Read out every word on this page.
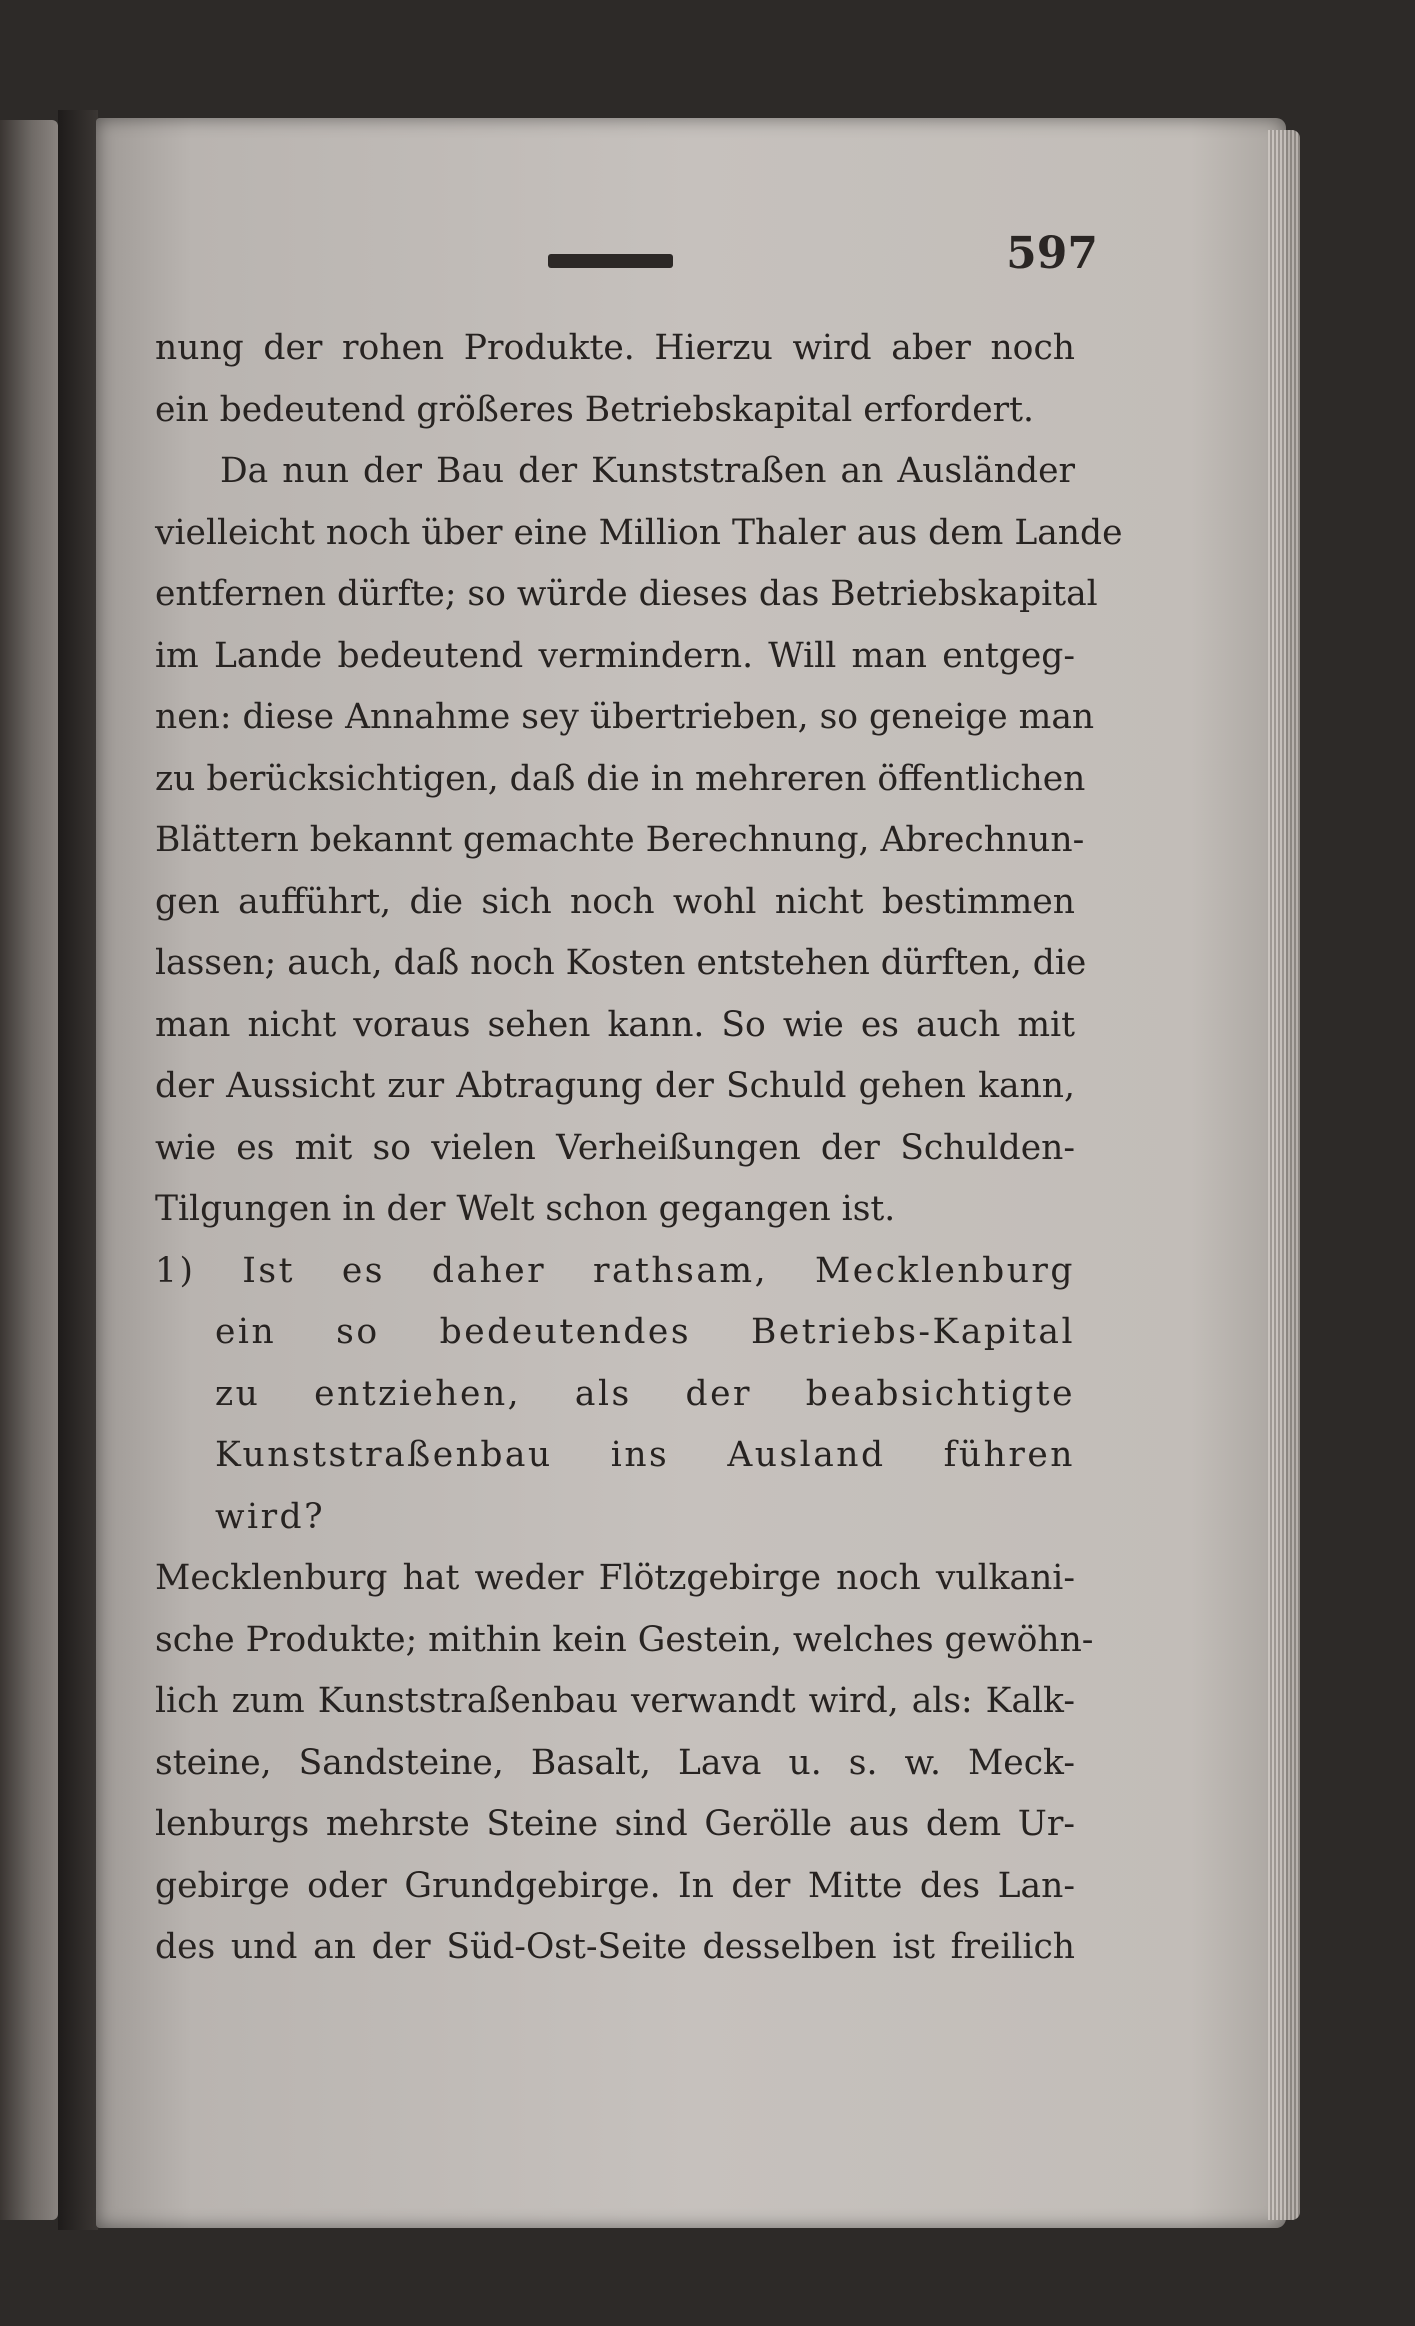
597
nung der rohen Produkte. Hierzu wird aber noch
ein bedeutend größeres Betriebskapital erfordert.
Da nun der Bau der Kunststraßen an Ausländer
vielleicht noch über eine Million Thaler aus dem Lande
entfernen dürfte; so würde dieses das Betriebskapital
im Lande bedeutend vermindern. Will man entgeg-
nen: diese Annahme sey übertrieben, so geneige man
zu berücksichtigen, daß die in mehreren öffentlichen
Blättern bekannt gemachte Berechnung, Abrechnun-
gen aufführt, die sich noch wohl nicht bestimmen
lassen; auch, daß noch Kosten entstehen dürften, die
man nicht voraus sehen kann. So wie es auch mit
der Aussicht zur Abtragung der Schuld gehen kann,
wie es mit so vielen Verheißungen der Schulden-
Tilgungen in der Welt schon gegangen ist.
1) Ist es daher rathsam, Mecklenburg
ein so bedeutendes Betriebs-Kapital
zu entziehen, als der beabsichtigte
Kunststraßenbau ins Ausland führen
wird?
Mecklenburg hat weder Flötzgebirge noch vulkani-
sche Produkte; mithin kein Gestein, welches gewöhn-
lich zum Kunststraßenbau verwandt wird, als: Kalk-
steine, Sandsteine, Basalt, Lava u. s. w. Meck-
lenburgs mehrste Steine sind Gerölle aus dem Ur-
gebirge oder Grundgebirge. In der Mitte des Lan-
des und an der Süd-Ost-Seite desselben ist freilich
